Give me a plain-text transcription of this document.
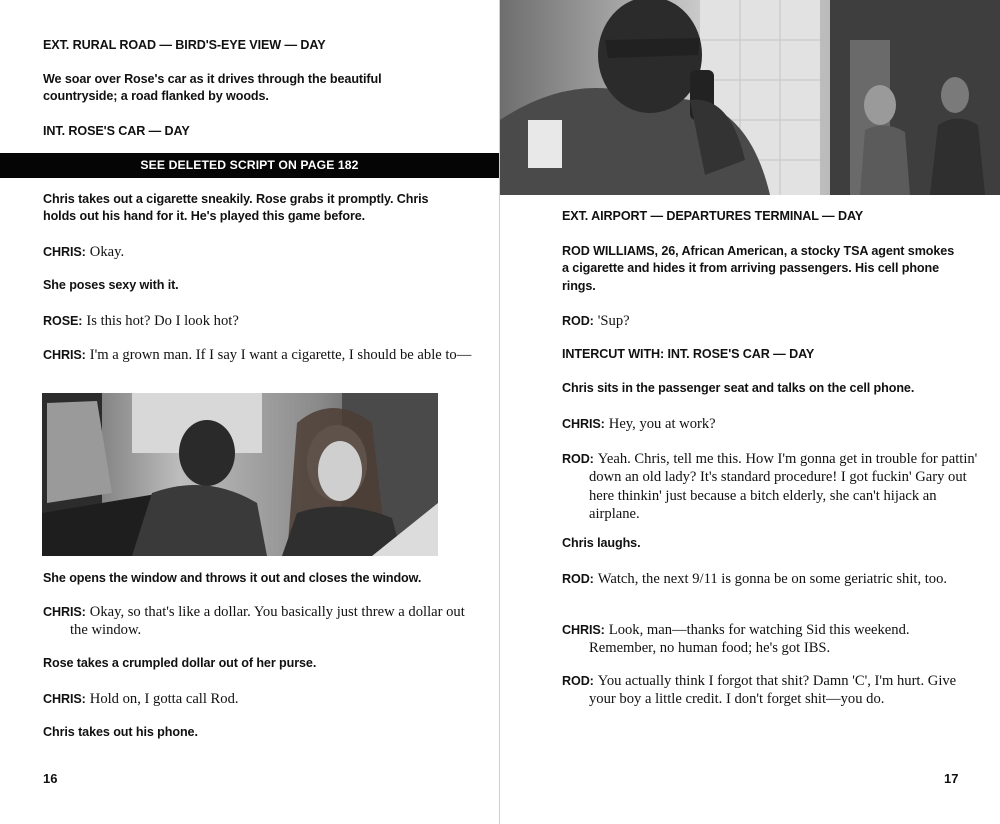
EXT. RURAL ROAD — BIRD'S-EYE VIEW — DAY
We soar over Rose's car as it drives through the beautiful countryside; a road flanked by woods.
INT. ROSE'S CAR — DAY
SEE DELETED SCRIPT ON PAGE 182
Chris takes out a cigarette sneakily. Rose grabs it promptly. Chris holds out his hand for it. He's played this game before.
CHRIS: Okay.
She poses sexy with it.
ROSE: Is this hot? Do I look hot?
CHRIS: I'm a grown man. If I say I want a cigarette, I should be able to—
She opens the window and throws it out and closes the window.
CHRIS: Okay, so that's like a dollar. You basically just threw a dollar out the window.
Rose takes a crumpled dollar out of her purse.
CHRIS: Hold on, I gotta call Rod.
Chris takes out his phone.
16
EXT. AIRPORT — DEPARTURES TERMINAL — DAY
ROD WILLIAMS, 26, African American, a stocky TSA agent smokes a cigarette and hides it from arriving passengers. His cell phone rings.
ROD: 'Sup?
INTERCUT WITH: INT. ROSE'S CAR — DAY
Chris sits in the passenger seat and talks on the cell phone.
CHRIS: Hey, you at work?
ROD: Yeah. Chris, tell me this. How I'm gonna get in trouble for pattin' down an old lady? It's standard procedure! I got fuckin' Gary out here thinkin' just because a bitch elderly, she can't hijack an airplane.
Chris laughs.
ROD: Watch, the next 9/11 is gonna be on some geriatric shit, too.
CHRIS: Look, man—thanks for watching Sid this weekend. Remember, no human food; he's got IBS.
ROD: You actually think I forgot that shit? Damn 'C', I'm hurt. Give your boy a little credit. I don't forget shit—you do.
17
